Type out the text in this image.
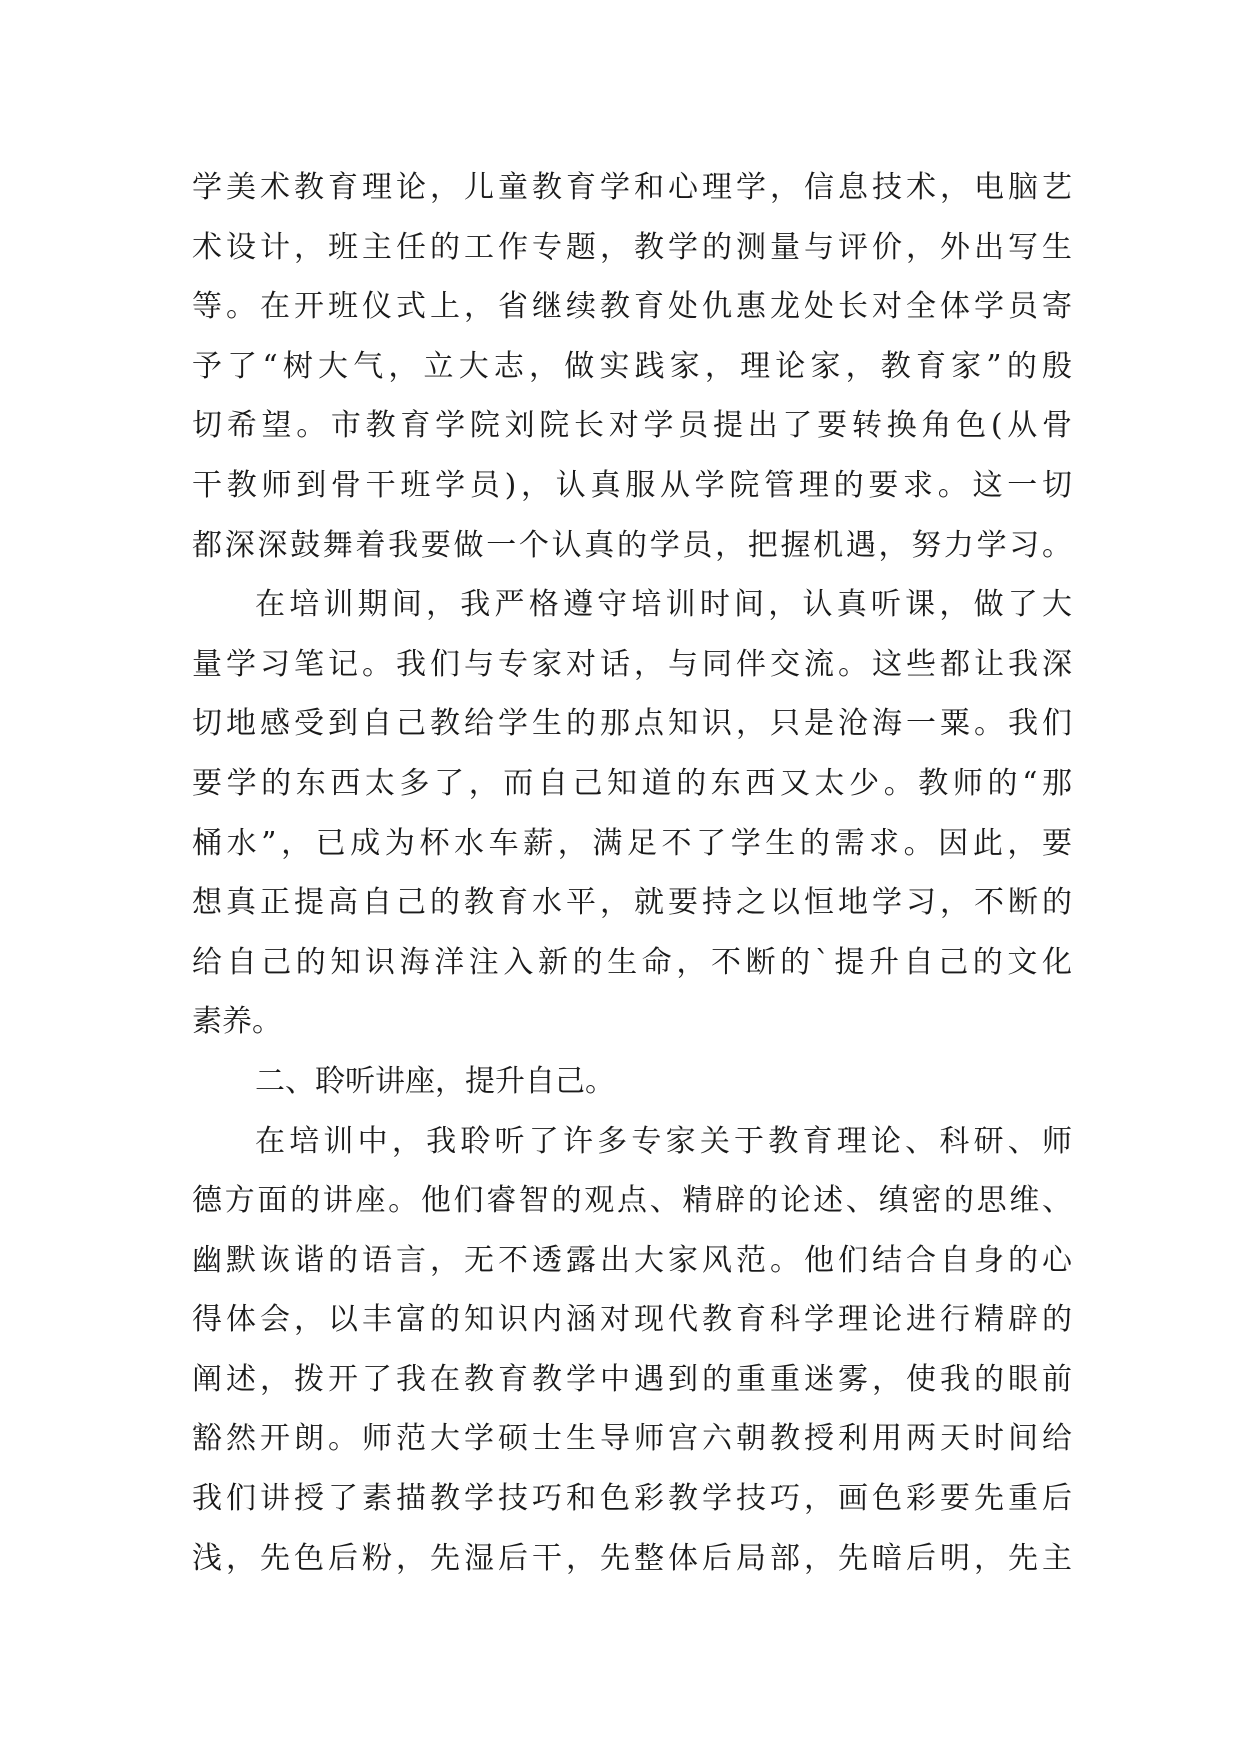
学美术教育理论，儿童教育学和心理学，信息技术，电脑艺
术设计，班主任的工作专题，教学的测量与评价，外出写生
等。在开班仪式上，省继续教育处仇惠龙处长对全体学员寄
予了“树大气，立大志，做实践家，理论家，教育家”的殷
切希望。市教育学院刘院长对学员提出了要转换角色(从骨
干教师到骨干班学员)，认真服从学院管理的要求。这一切
都深深鼓舞着我要做一个认真的学员，把握机遇，努力学习。
在培训期间，我严格遵守培训时间，认真听课，做了大
量学习笔记。我们与专家对话，与同伴交流。这些都让我深
切地感受到自己教给学生的那点知识，只是沧海一粟。我们
要学的东西太多了，而自己知道的东西又太少。教师的“那
桶水”，已成为杯水车薪，满足不了学生的需求。因此，要
想真正提高自己的教育水平，就要持之以恒地学习，不断的
给自己的知识海洋注入新的生命，不断的`提升自己的文化
素养。
二、聆听讲座，提升自己。
在培训中，我聆听了许多专家关于教育理论、科研、师
德方面的讲座。他们睿智的观点、精辟的论述、缜密的思维、
幽默诙谐的语言，无不透露出大家风范。他们结合自身的心
得体会，以丰富的知识内涵对现代教育科学理论进行精辟的
阐述，拨开了我在教育教学中遇到的重重迷雾，使我的眼前
豁然开朗。师范大学硕士生导师宫六朝教授利用两天时间给
我们讲授了素描教学技巧和色彩教学技巧，画色彩要先重后
浅，先色后粉，先湿后干，先整体后局部，先暗后明，先主
